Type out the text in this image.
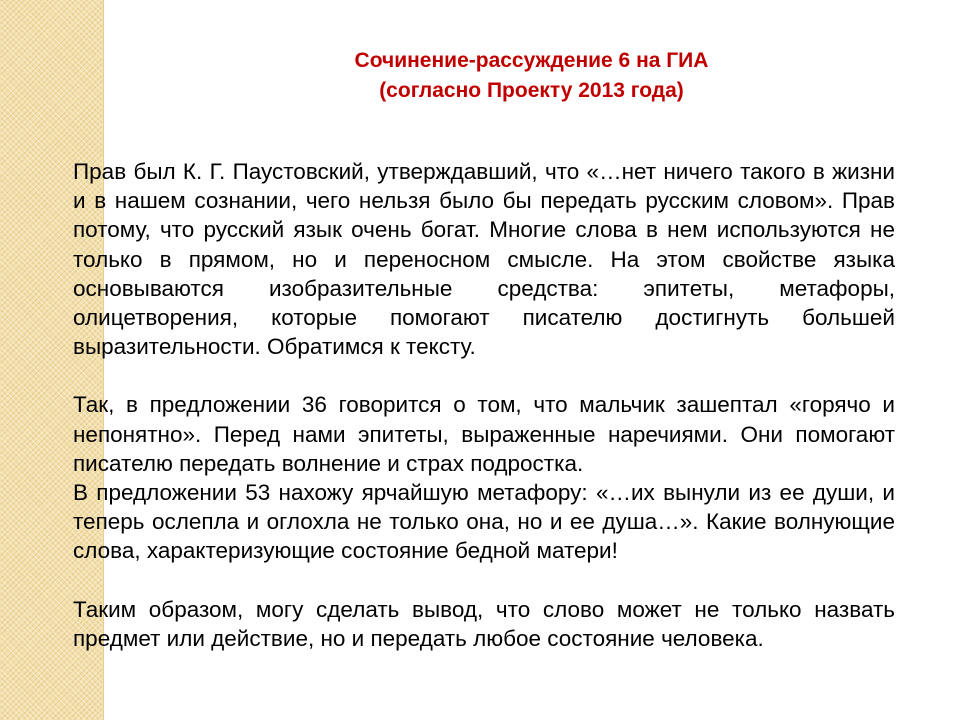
Сочинение-рассуждение 6 на ГИА
(согласно Проекту 2013 года)

Прав был К. Г. Паустовский, утверждавший, что «…нет ничего такого в жизни и в нашем сознании, чего нельзя было бы передать русским словом». Прав потому, что русский язык очень богат. Многие слова в нем используются не только в прямом, но и переносном смысле. На этом свойстве языка основываются изобразительные средства: эпитеты, метафоры, олицетворения, которые помогают писателю достигнуть большей выразительности. Обратимся к тексту.

Так, в предложении 36 говорится о том, что мальчик зашептал «горячо и непонятно». Перед нами эпитеты, выраженные наречиями. Они помогают писателю передать волнение и страх подростка.

В предложении 53 нахожу ярчайшую метафору: «…их вынули из ее души, и теперь ослепла и оглохла не только она, но и ее душа…». Какие волнующие слова, характеризующие состояние бедной матери!

Таким образом, могу сделать вывод, что слово может не только назвать предмет или действие, но и передать любое состояние человека.
